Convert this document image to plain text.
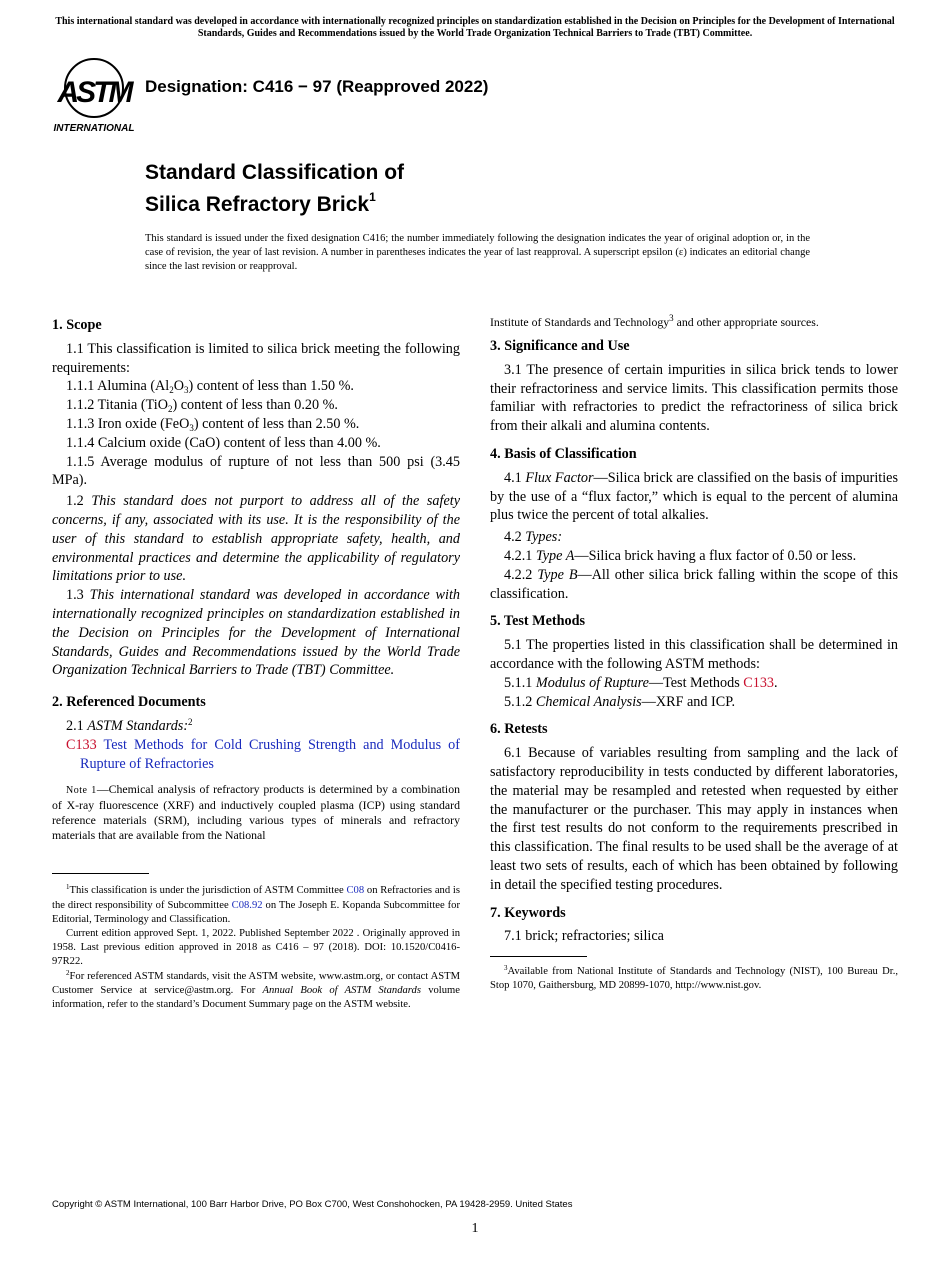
This international standard was developed in accordance with internationally recognized principles on standardization established in the Decision on Principles for the Development of International Standards, Guides and Recommendations issued by the World Trade Organization Technical Barriers to Trade (TBT) Committee.
ASTM
INTERNATIONAL
Designation: C416 − 97 (Reapproved 2022)
Standard Classification of
Silica Refractory Brick$^1$
This standard is issued under the fixed designation C416; the number immediately following the designation indicates the year of original adoption or, in the case of revision, the year of last revision. A number in parentheses indicates the year of last reapproval. A superscript epsilon (ε) indicates an editorial change since the last revision or reapproval.
1. Scope

1.1 This classification is limited to silica brick meeting the following requirements:

1.1.1 Alumina $(Al_2O_3)$ content of less than 1.50 %.

1.1.2 Titania (TiO$_2$) content of less than 0.20 %.

1.1.3 Iron oxide (FeO$_3$) content of less than 2.50 %.

1.1.4 Calcium oxide (CaO) content of less than 4.00 %.

1.1.5 Average modulus of rupture of not less than 500 psi (3.45 MPa).

1.2 This standard does not purport to address all of the safety concerns, if any, associated with its use. It is the responsibility of the user of this standard to establish appropriate safety, health, and environmental practices and determine the applicability of regulatory limitations prior to use.

1.3 This international standard was developed in accordance with internationally recognized principles on standardization established in the Decision on Principles for the Development of International Standards, Guides and Recommendations issued by the World Trade Organization Technical Barriers to Trade (TBT) Committee.

2. Referenced Documents

2.1 ASTM Standards:$^2$

C133 Test Methods for Cold Crushing Strength and Modulus of Rupture of Refractories

Note 1—Chemical analysis of refractory products is determined by a combination of X-ray fluorescence (XRF) and inductively coupled plasma (ICP) using standard reference materials (SRM), including various types of minerals and refractory materials that are available from the National

$^1$This classification is under the jurisdiction of ASTM Committee C08 on Refractories and is the direct responsibility of Subcommittee C08.92 on The Joseph E. Kopanda Subcommittee for Editorial, Terminology and Classification.

Current edition approved Sept. 1, 2022. Published September 2022 . Originally approved in 1958. Last previous edition approved in 2018 as C416 – 97 (2018). DOI: 10.1520/C0416-97R22.

$^2$For referenced ASTM standards, visit the ASTM website, www.astm.org, or contact ASTM Customer Service at service@astm.org. For Annual Book of ASTM Standards volume information, refer to the standard’s Document Summary page on the ASTM website.

Institute of Standards and Technology$^3$ and other appropriate sources.

3. Significance and Use

3.1 The presence of certain impurities in silica brick tends to lower their refractoriness and service limits. This classification permits those familiar with refractories to predict the refractoriness of silica brick from their alkali and alumina contents.

4. Basis of Classification

4.1 Flux Factor—Silica brick are classified on the basis of impurities by the use of a “flux factor,” which is equal to the percent of alumina plus twice the percent of total alkalies.

4.2 Types:

4.2.1 Type A—Silica brick having a flux factor of 0.50 or less.

4.2.2 Type B—All other silica brick falling within the scope of this classification.

5. Test Methods

5.1 The properties listed in this classification shall be determined in accordance with the following ASTM methods:

5.1.1 Modulus of Rupture—Test Methods C133.

5.1.2 Chemical Analysis—XRF and ICP.

6. Retests

6.1 Because of variables resulting from sampling and the lack of satisfactory reproducibility in tests conducted by different laboratories, the material may be resampled and retested when requested by either the manufacturer or the purchaser. This may apply in instances when the first test results do not conform to the requirements prescribed in this classification. The final results to be used shall be the average of at least two sets of results, each of which has been obtained by following in detail the specified testing procedures.

7. Keywords

7.1 brick; refractories; silica

$^3$Available from National Institute of Standards and Technology (NIST), 100 Bureau Dr., Stop 1070, Gaithersburg, MD 20899-1070, http://www.nist.gov.

Copyright © ASTM International, 100 Barr Harbor Drive, PO Box C700, West Conshohocken, PA 19428-2959. United States
1
